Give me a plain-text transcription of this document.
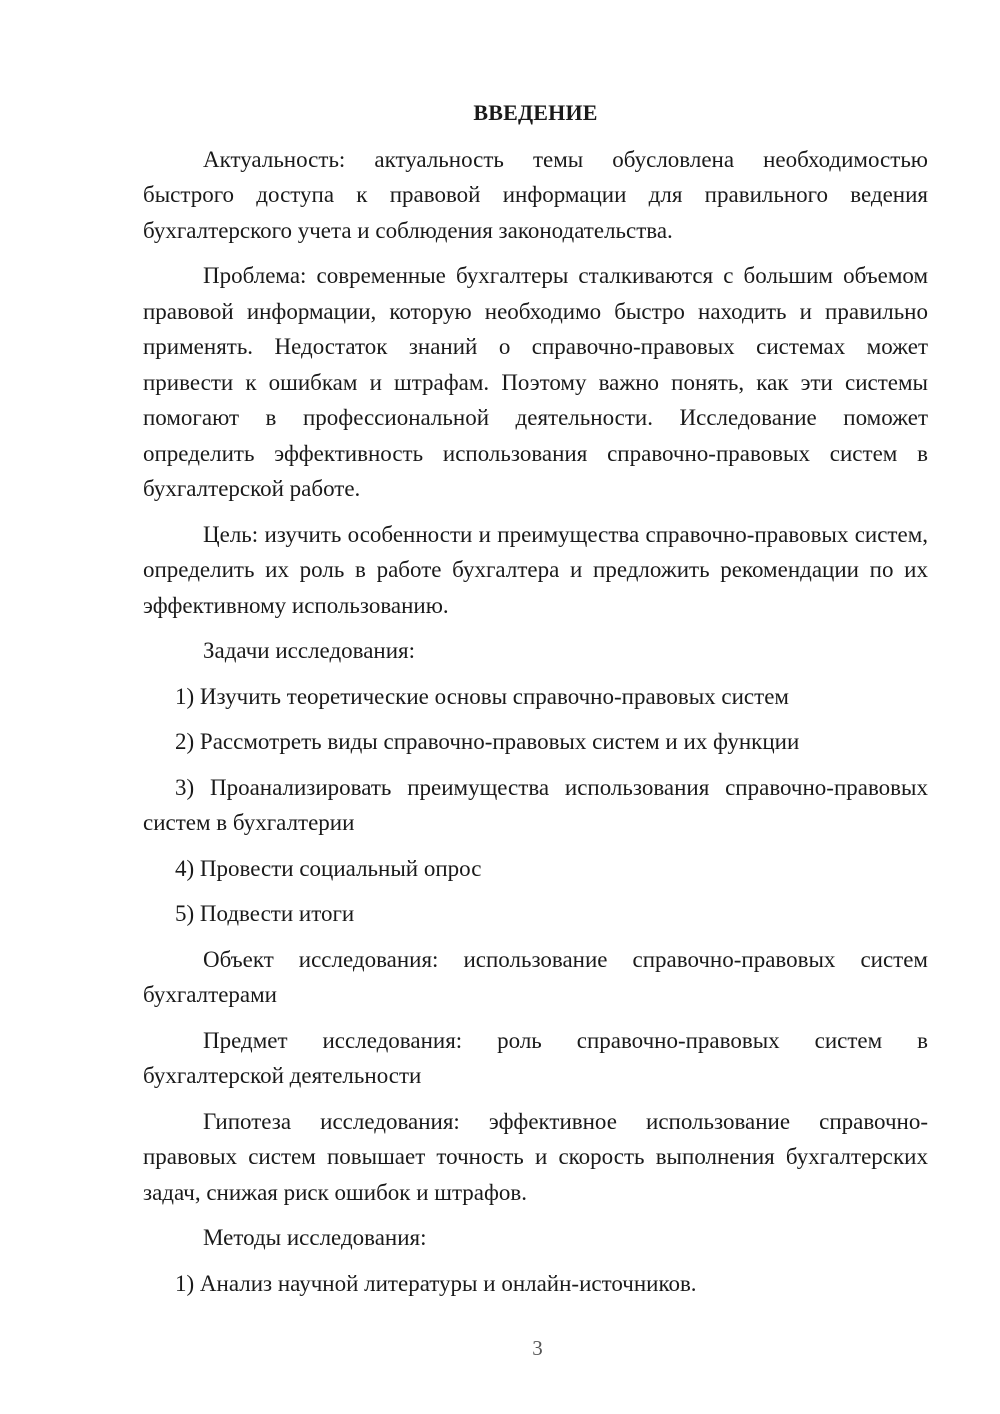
ВВЕДЕНИЕ

Актуальность: актуальность темы обусловлена необходимостью быстрого доступа к правовой информации для правильного ведения бухгалтерского учета и соблюдения законодательства.

Проблема: современные бухгалтеры сталкиваются с большим объемом правовой информации, которую необходимо быстро находить и правильно применять. Недостаток знаний о справочно-правовых системах может привести к ошибкам и штрафам. Поэтому важно понять, как эти системы помогают в профессиональной деятельности. Исследование поможет определить эффективность использования справочно-правовых систем в бухгалтерской работе.

Цель: изучить особенности и преимущества справочно-правовых систем, определить их роль в работе бухгалтера и предложить рекомендации по их эффективному использованию.

Задачи исследования:

1) Изучить теоретические основы справочно-правовых систем

2) Рассмотреть виды справочно-правовых систем и их функции

3) Проанализировать преимущества использования справочно-правовых систем в бухгалтерии

4) Провести социальный опрос

5) Подвести итоги

Объект исследования: использование справочно-правовых систем бухгалтерами

Предмет исследования: роль справочно-правовых систем в бухгалтерской деятельности

Гипотеза исследования: эффективное использование справочно-правовых систем повышает точность и скорость выполнения бухгалтерских задач, снижая риск ошибок и штрафов.

Методы исследования:

1) Анализ научной литературы и онлайн-источников.

3
